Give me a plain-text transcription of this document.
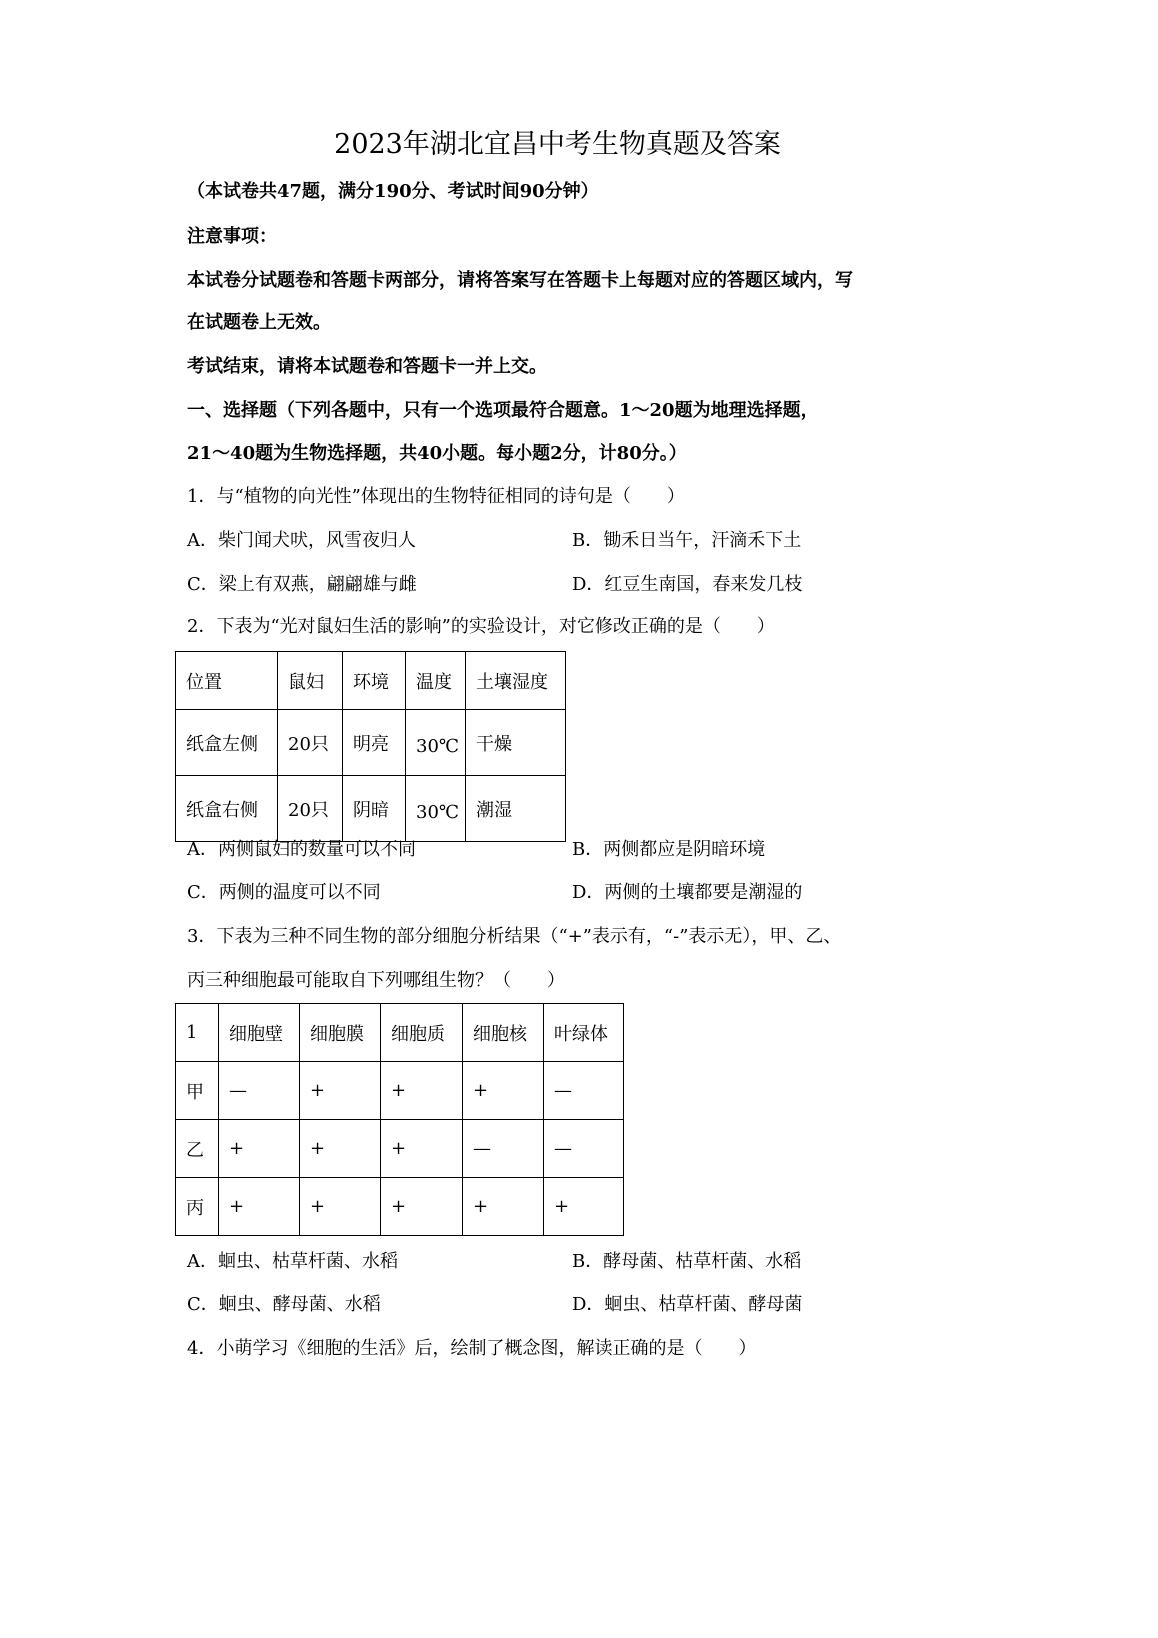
2023年湖北宜昌中考生物真题及答案
（本试卷共47题，满分190分、考试时间90分钟）
注意事项：
本试卷分试题卷和答题卡两部分，请将答案写在答题卡上每题对应的答题区域内，写
在试题卷上无效。
考试结束，请将本试题卷和答题卡一并上交。
一、选择题（下列各题中，只有一个选项最符合题意。1～20题为地理选择题，
21～40题为生物选择题，共40小题。每小题2分，计80分。）
1．与“植物的向光性”体现出的生物特征相同的诗句是（　　）
A．柴门闻犬吠，风雪夜归人	B．锄禾日当午，汗滴禾下土
C．梁上有双燕，翩翩雄与雌	D．红豆生南国，春来发几枝
2．下表为“光对鼠妇生活的影响”的实验设计，对它修改正确的是（　　）
位置	鼠妇	环境	温度	土壤湿度
纸盒左侧	20只	明亮	30℃	干燥
纸盒右侧	20只	阴暗	30℃	潮湿
A．两侧鼠妇的数量可以不同	B．两侧都应是阴暗环境
C．两侧的温度可以不同	D．两侧的土壤都要是潮湿的
3．下表为三种不同生物的部分细胞分析结果（“+”表示有，“-”表示无），甲、乙、
丙三种细胞最可能取自下列哪组生物？（　　）
1	细胞壁	细胞膜	细胞质	细胞核	叶绿体
甲	—	+	+	+	—
乙	+	+	+	—	—
丙	+	+	+	+	+
A．蛔虫、枯草杆菌、水稻	B．酵母菌、枯草杆菌、水稻
C．蛔虫、酵母菌、水稻	D．蛔虫、枯草杆菌、酵母菌
4．小萌学习《细胞的生活》后，绘制了概念图，解读正确的是（　　）
